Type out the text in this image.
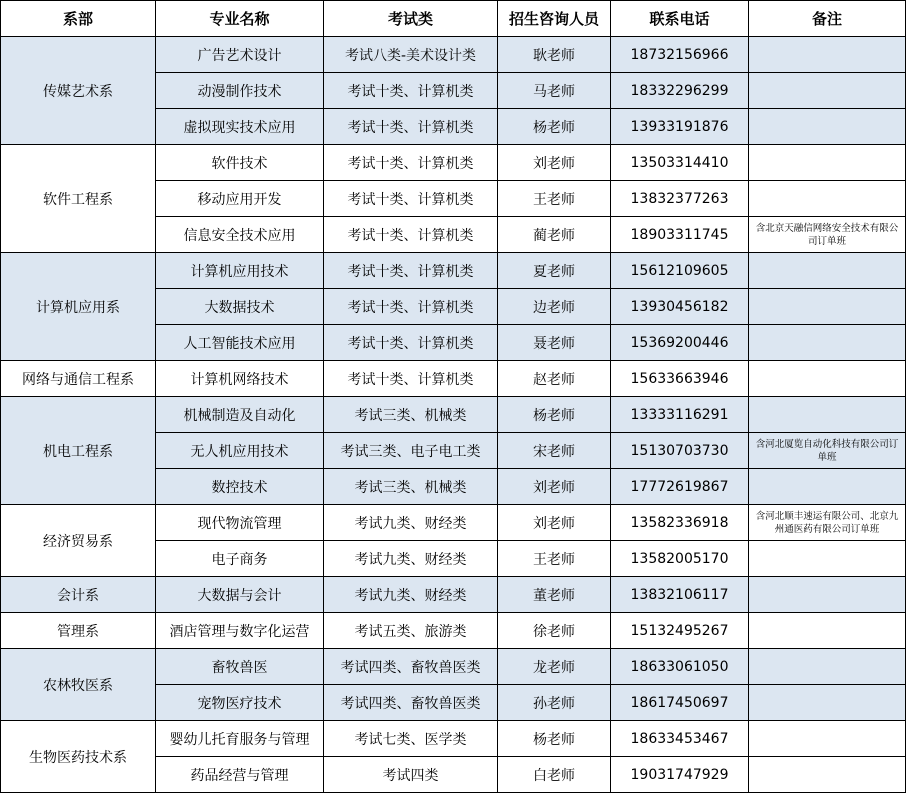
系部	专业名称	考试类	招生咨询人员	联系电话	备注
传媒艺术系	广告艺术设计	考试八类-美术设计类	耿老师	18732156966	
	动漫制作技术	考试十类、计算机类	马老师	18332296299	
	虚拟现实技术应用	考试十类、计算机类	杨老师	13933191876	
软件工程系	软件技术	考试十类、计算机类	刘老师	13503314410	
	移动应用开发	考试十类、计算机类	王老师	13832377263	
	信息安全技术应用	考试十类、计算机类	蔺老师	18903311745	含北京天融信网络安全技术有限公司订单班
计算机应用系	计算机应用技术	考试十类、计算机类	夏老师	15612109605	
	大数据技术	考试十类、计算机类	边老师	13930456182	
	人工智能技术应用	考试十类、计算机类	聂老师	15369200446	
网络与通信工程系	计算机网络技术	考试十类、计算机类	赵老师	15633663946	
机电工程系	机械制造及自动化	考试三类、机械类	杨老师	13333116291	
	无人机应用技术	考试三类、电子电工类	宋老师	15130703730	含河北厦览自动化科技有限公司订单班
	数控技术	考试三类、机械类	刘老师	17772619867	
经济贸易系	现代物流管理	考试九类、财经类	刘老师	13582336918	含河北顺丰速运有限公司、北京九州通医药有限公司订单班
	电子商务	考试九类、财经类	王老师	13582005170	
会计系	大数据与会计	考试九类、财经类	董老师	13832106117	
管理系	酒店管理与数字化运营	考试五类、旅游类	徐老师	15132495267	
农林牧医系	畜牧兽医	考试四类、畜牧兽医类	龙老师	18633061050	
	宠物医疗技术	考试四类、畜牧兽医类	孙老师	18617450697	
生物医药技术系	婴幼儿托育服务与管理	考试七类、医学类	杨老师	18633453467	
	药品经营与管理	考试四类	白老师	19031747929	
